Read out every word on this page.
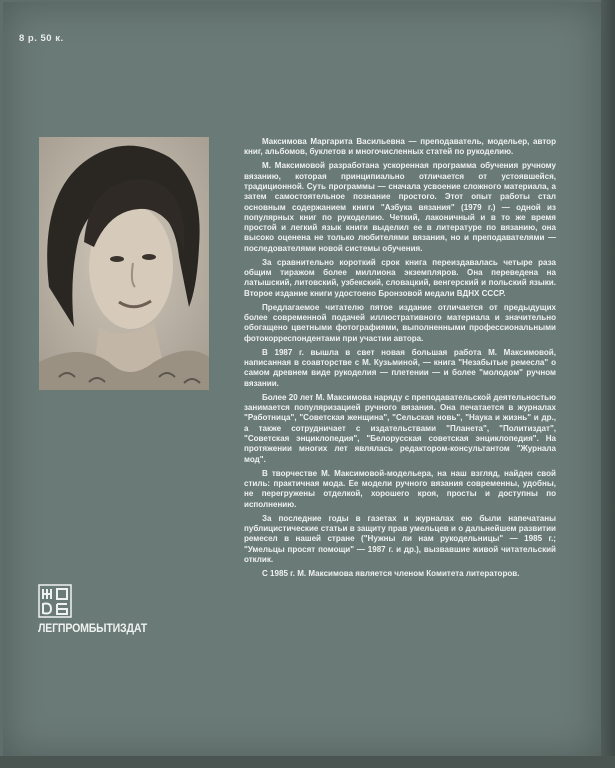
8 р. 50 к.
ЛЕГПРОМБЫТИЗДАТ

Максимова Маргарита Васильевна — преподаватель, модельер, автор книг, альбомов, буклетов и многочисленных статей по рукоделию.

М. Максимовой разработана ускоренная программа обучения ручному вязанию, которая принципиально отличается от устоявшейся, традиционной. Суть программы — сначала усвоение сложного материала, а затем самостоятельное познание простого. Этот опыт работы стал основным содержанием книги "Азбука вязания" (1979 г.) — одной из популярных книг по рукоделию. Четкий, лаконичный и в то же время простой и легкий язык книги выделил ее в литературе по вязанию, она высоко оценена не только любителями вязания, но и преподавателями — последователями новой системы обучения.

За сравнительно короткий срок книга переиздавалась четыре раза общим тиражом более миллиона экземпляров. Она переведена на латышский, литовский, узбекский, словацкий, венгерский и польский языки. Второе издание книги удостоено Бронзовой медали ВДНХ СССР.

Предлагаемое читателю пятое издание отличается от предыдущих более современной подачей иллюстративного материала и значительно обогащено цветными фотографиями, выполненными профессиональными фотокорреспондентами при участии автора.

В 1987 г. вышла в свет новая большая работа М. Максимовой, написанная в соавторстве с М. Кузьминой, — книга "Незабытые ремесла" о самом древнем виде рукоделия — плетении — и более "молодом" ручном вязании.

Более 20 лет М. Максимова наряду с преподавательской деятельностью занимается популяризацией ручного вязания. Она печатается в журналах "Работница", "Советская женщина", "Сельская новь", "Наука и жизнь" и др., а также сотрудничает с издательствами "Планета", "Политиздат", "Советская энциклопедия", "Белорусская советская энциклопедия". На протяжении многих лет являлась редактором-консультантом "Журнала мод".

В творчестве М. Максимовой-модельера, на наш взгляд, найден свой стиль: практичная мода. Ее модели ручного вязания современны, удобны, не перегружены отделкой, хорошего кроя, просты и доступны по исполнению.

За последние годы в газетах и журналах ею были напечатаны публицистические статьи в защиту прав умельцев и о дальнейшем развитии ремесел в нашей стране ("Нужны ли нам рукодельницы" — 1985 г.; "Умельцы просят помощи" — 1987 г. и др.), вызвавшие живой читательский отклик.

С 1985 г. М. Максимова является членом Комитета литераторов.
